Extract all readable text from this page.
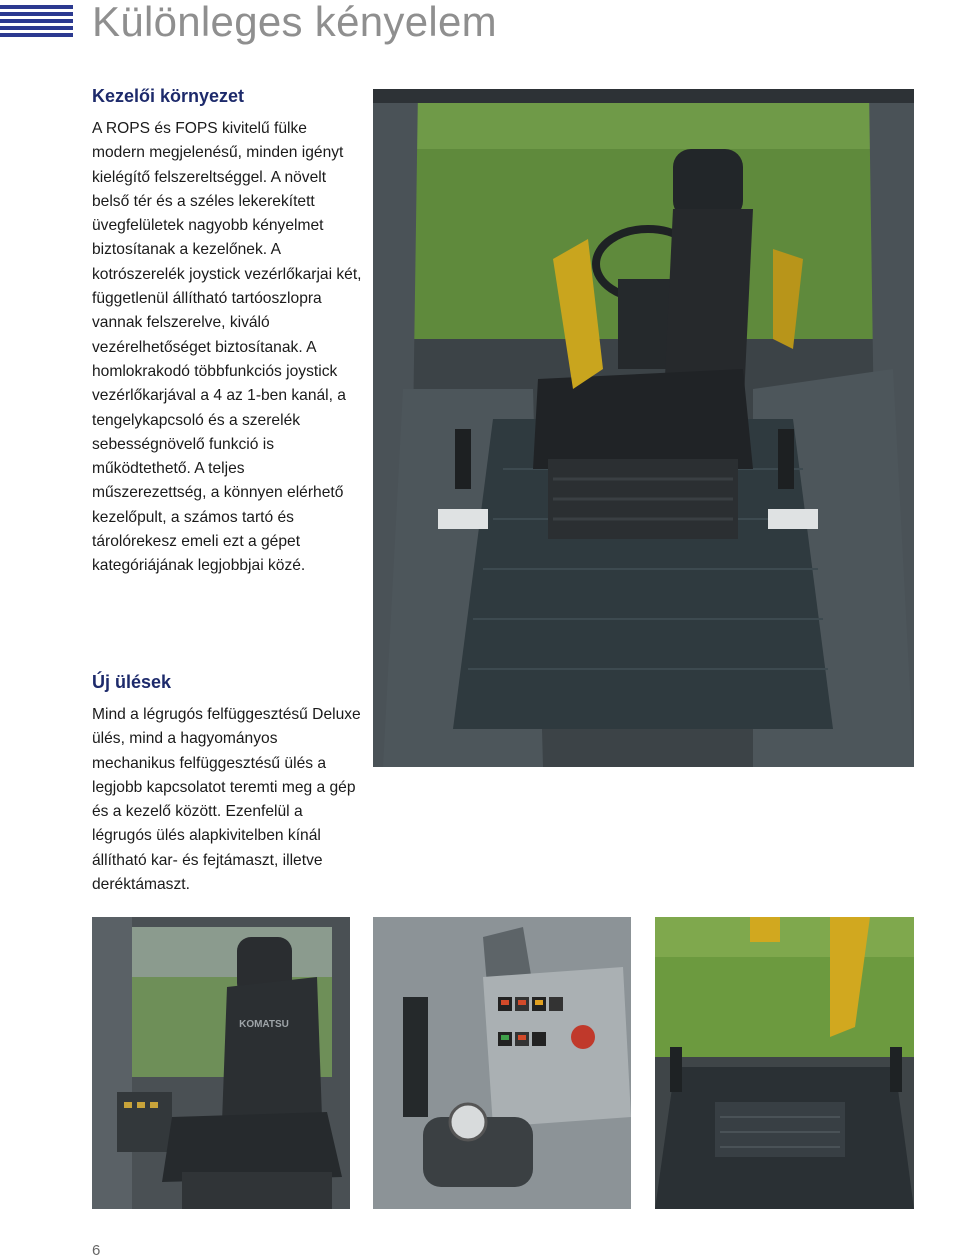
Különleges kényelem
Kezelői környezet

A ROPS és FOPS kivitelű fülke modern megjelenésű, minden igényt kielégítő felszereltséggel. A növelt belső tér és a széles lekerekített üvegfelületek nagyobb kényelmet biztosítanak a kezelőnek. A kotrószerelék joystick vezérlőkarjai két, függetlenül állítható tartóoszlopra vannak felszerelve, kiváló vezérelhetőséget biztosítanak. A homlokrakodó többfunkciós joystick vezérlőkarjával a 4 az 1-ben kanál, a tengelykapcsoló és a szerelék sebességnövelő funkció is működtethető. A teljes műszerezettség, a könnyen elérhető kezelőpult, a számos tartó és tárolórekesz emeli ezt a gépet kategóriájának legjobbjai közé.

Új ülések

Mind a légrugós felfüggesztésű Deluxe ülés, mind a hagyományos mechanikus felfüggesztésű ülés a legjobb kapcsolatot teremti meg a gép és a kezelő között. Ezenfelül a légrugós ülés alapkivitelben kínál állítható kar- és fejtámaszt, illetve deréktámaszt.

KOMATSU
6
